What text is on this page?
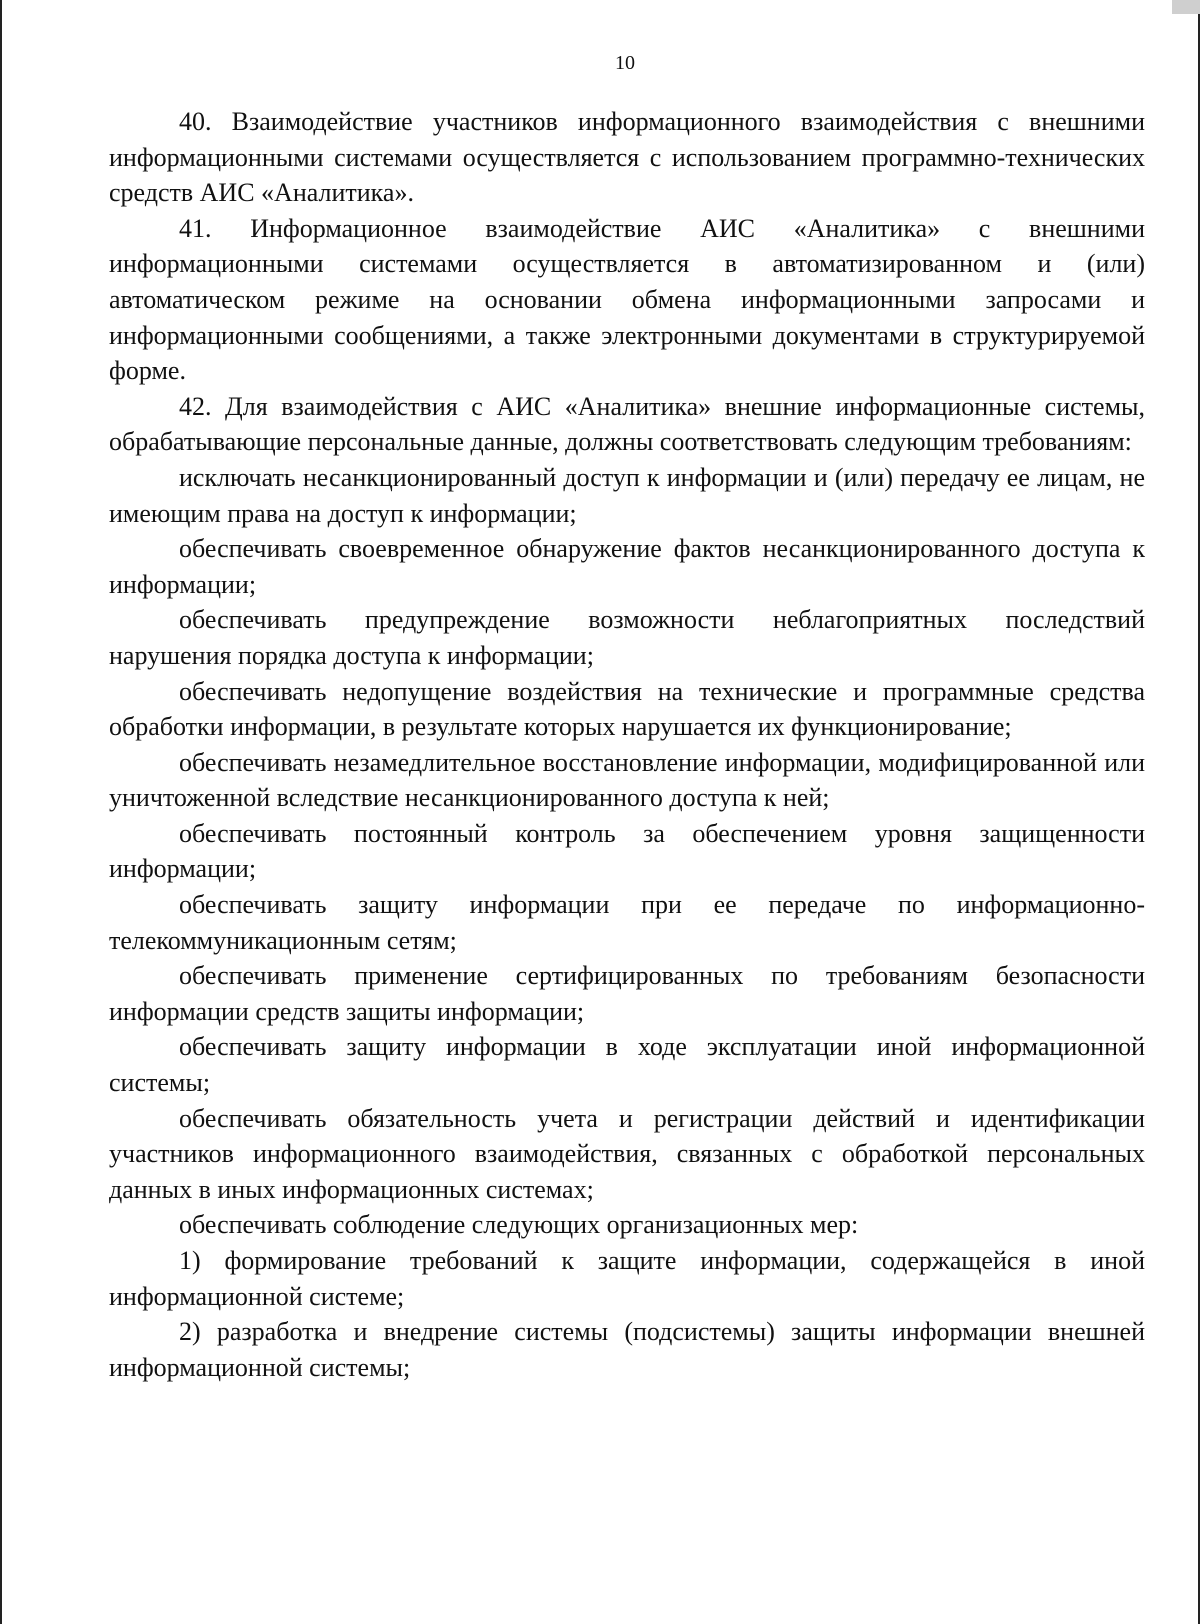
10

40. Взаимодействие участников информационного взаимодействия с внешними информационными системами осуществляется с использованием программно-технических средств АИС «Аналитика».

41. Информационное взаимодействие АИС «Аналитика» с внешними информационными системами осуществляется в автоматизированном и (или) автоматическом режиме на основании обмена информационными запросами и информационными сообщениями, а также электронными документами в структурируемой форме.

42. Для взаимодействия с АИС «Аналитика» внешние информационные системы, обрабатывающие персональные данные, должны соответствовать следующим требованиям:

исключать несанкционированный доступ к информации и (или) передачу ее лицам, не имеющим права на доступ к информации;

обеспечивать своевременное обнаружение фактов несанкционированного доступа к информации;

обеспечивать предупреждение возможности неблагоприятных последствий нарушения порядка доступа к информации;

обеспечивать недопущение воздействия на технические и программные средства обработки информации, в результате которых нарушается их функционирование;

обеспечивать незамедлительное восстановление информации, модифицированной или уничтоженной вследствие несанкционированного доступа к ней;

обеспечивать постоянный контроль за обеспечением уровня защищенности информации;

обеспечивать защиту информации при ее передаче по информационно-телекоммуникационным сетям;

обеспечивать применение сертифицированных по требованиям безопасности информации средств защиты информации;

обеспечивать защиту информации в ходе эксплуатации иной информационной системы;

обеспечивать обязательность учета и регистрации действий и идентификации участников информационного взаимодействия, связанных с обработкой персональных данных в иных информационных системах;

обеспечивать соблюдение следующих организационных мер:

1) формирование требований к защите информации, содержащейся в иной информационной системе;

2) разработка и внедрение системы (подсистемы) защиты информации внешней информационной системы;
